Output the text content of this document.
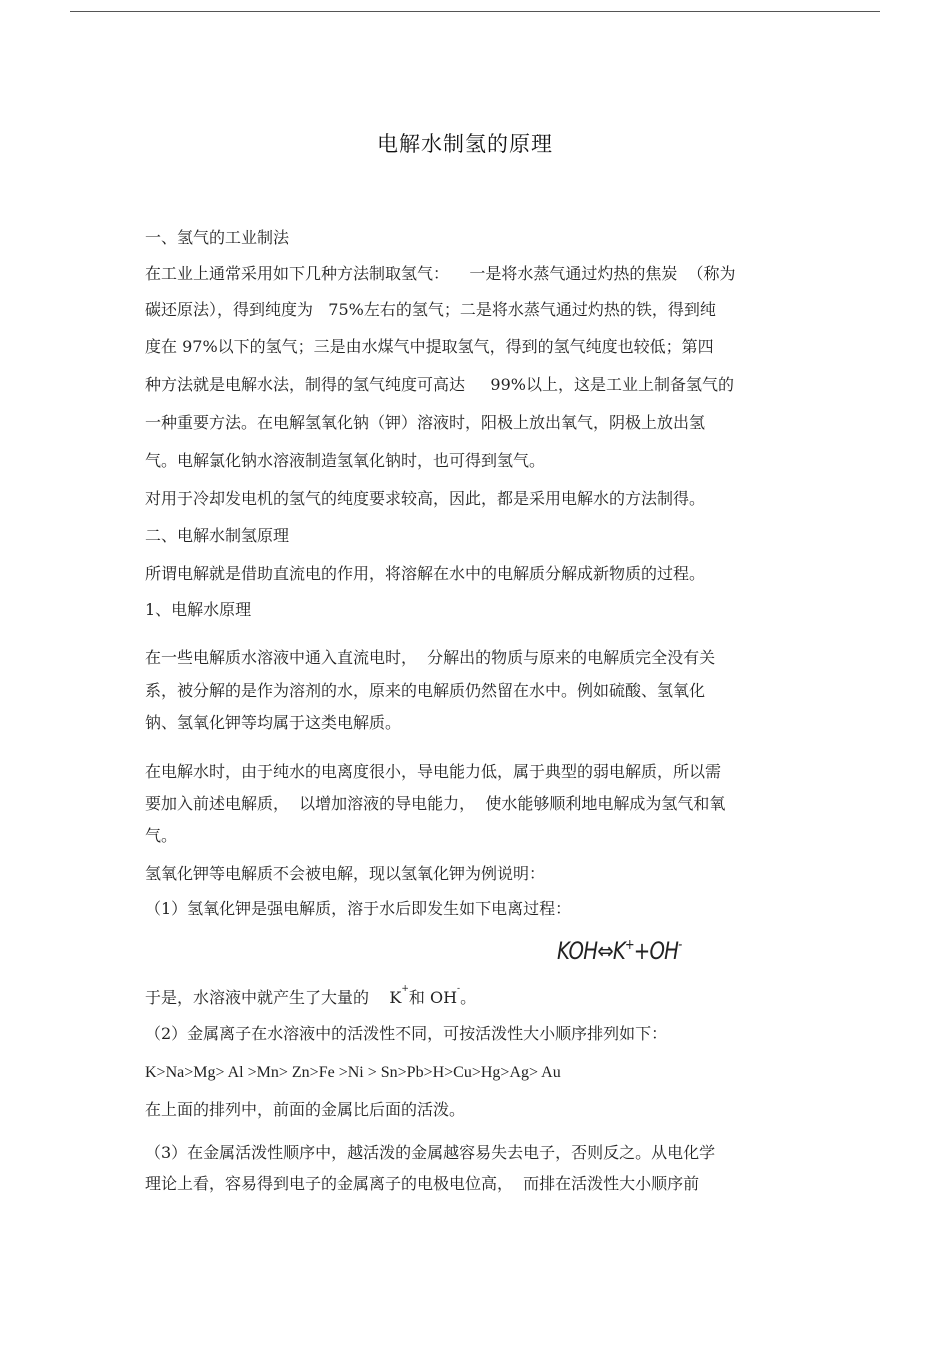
电解水制氢的原理
一、氢气的工业制法
在工业上通常采用如下几种方法制取氢气：    一是将水蒸气通过灼热的焦炭  （称为
碳还原法），得到纯度为   75%左右的氢气；二是将水蒸气通过灼热的铁，得到纯
度在 97%以下的氢气；三是由水煤气中提取氢气，得到的氢气纯度也较低；第四
种方法就是电解水法，制得的氢气纯度可高达     99%以上，这是工业上制备氢气的
一种重要方法。在电解氢氧化钠（钾）溶液时，阳极上放出氧气，阴极上放出氢
气。电解氯化钠水溶液制造氢氧化钠时，也可得到氢气。
对用于冷却发电机的氢气的纯度要求较高，因此，都是采用电解水的方法制得。
二、电解水制氢原理
所谓电解就是借助直流电的作用，将溶解在水中的电解质分解成新物质的过程。
1、电解水原理
在一些电解质水溶液中通入直流电时，  分解出的物质与原来的电解质完全没有关
系，被分解的是作为溶剂的水，原来的电解质仍然留在水中。例如硫酸、氢氧化
钠、氢氧化钾等均属于这类电解质。
在电解水时，由于纯水的电离度很小，导电能力低，属于典型的弱电解质，所以需
要加入前述电解质，  以增加溶液的导电能力，  使水能够顺利地电解成为氢气和氧
气。
氢氧化钾等电解质不会被电解，现以氢氧化钾为例说明：
（1）氢氧化钾是强电解质，溶于水后即发生如下电离过程：
KOH⇔K++OH-
于是，水溶液中就产生了大量的    K+和 OH-。
（2）金属离子在水溶液中的活泼性不同，可按活泼性大小顺序排列如下：
K>Na>Mg> Al >Mn> Zn>Fe >Ni > Sn>Pb>H>Cu>Hg>Ag> Au
在上面的排列中，前面的金属比后面的活泼。
（3）在金属活泼性顺序中，越活泼的金属越容易失去电子，否则反之。从电化学
理论上看，容易得到电子的金属离子的电极电位高，  而排在活泼性大小顺序前
